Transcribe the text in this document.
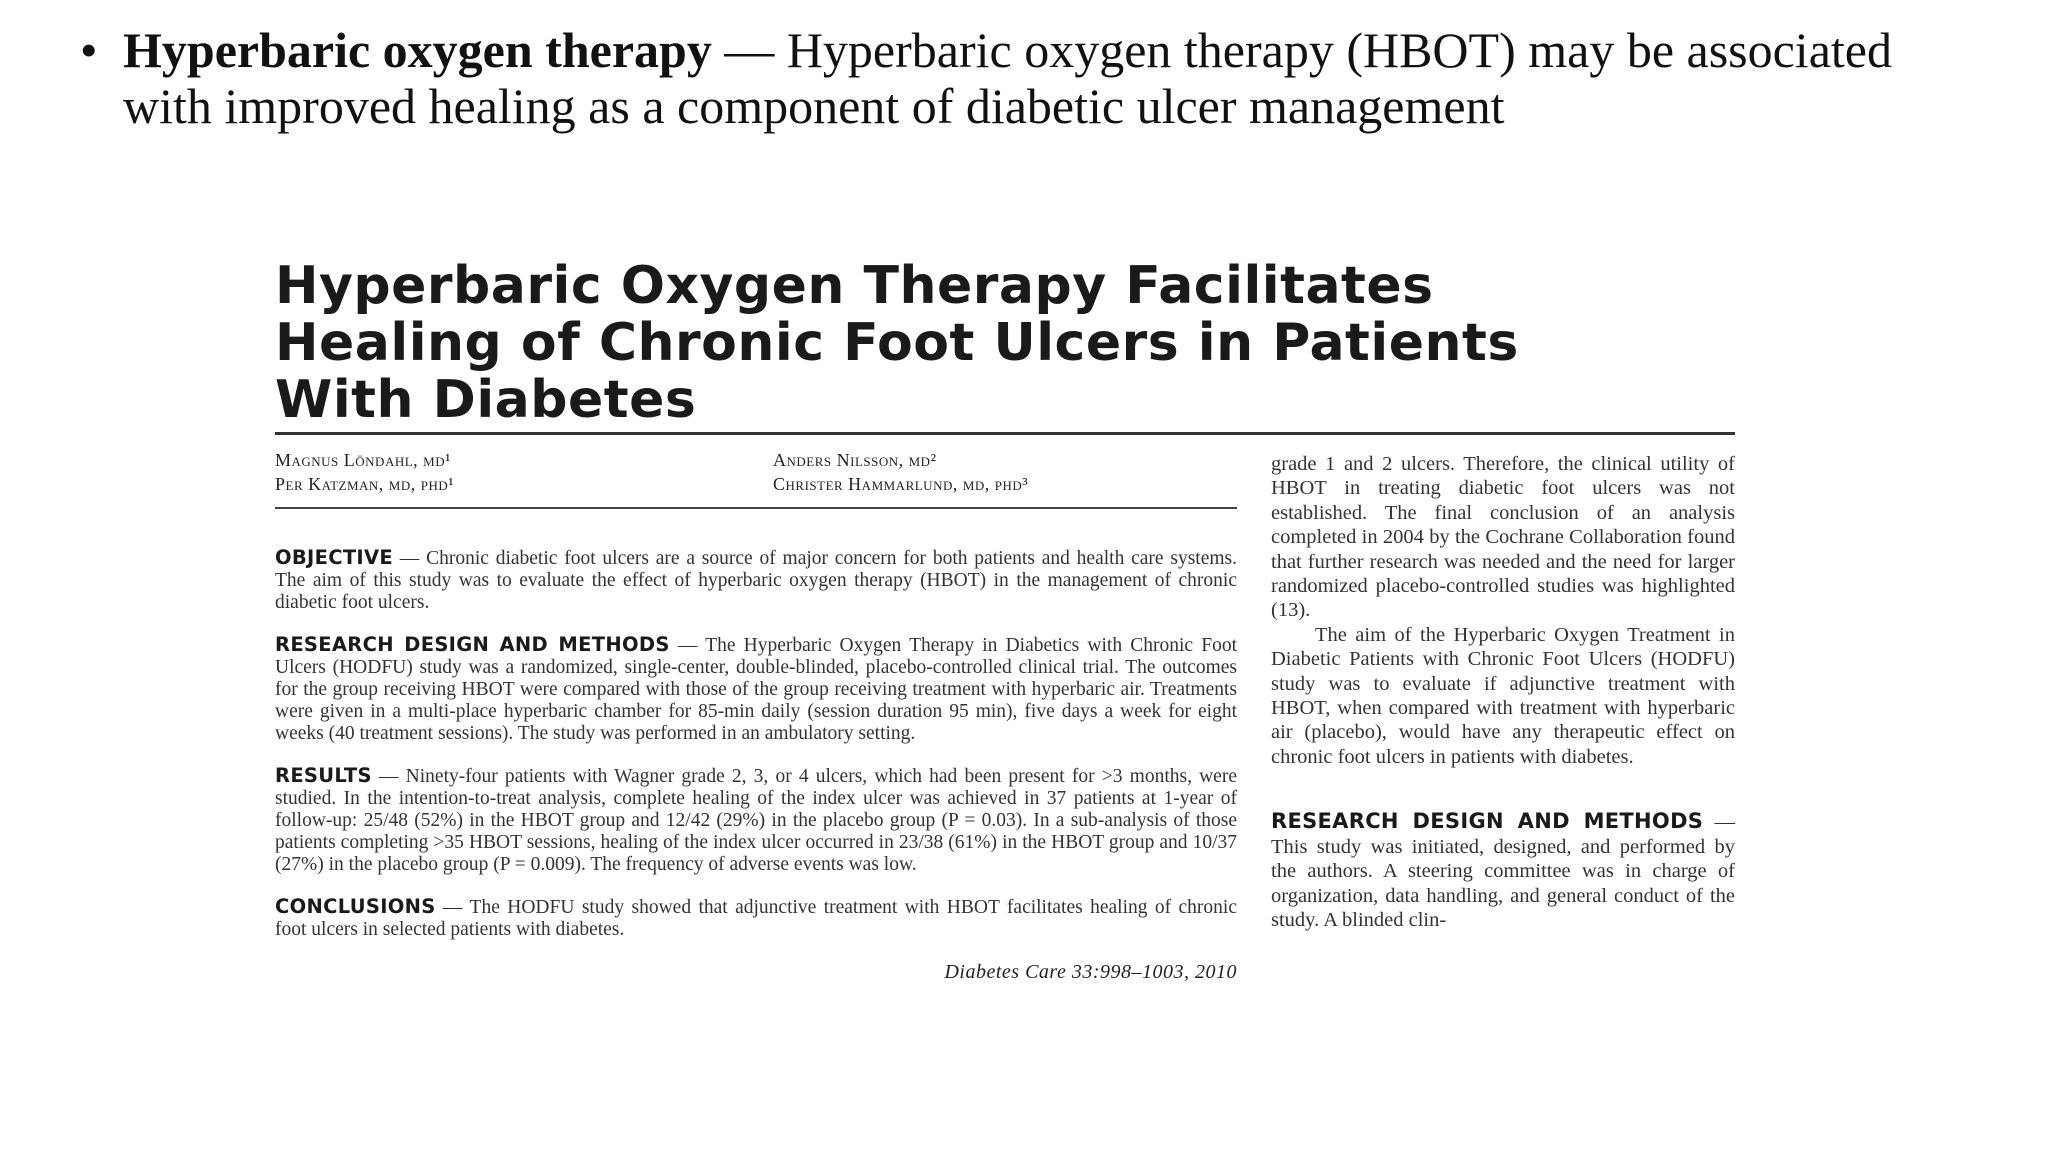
• Hyperbaric oxygen therapy — Hyperbaric oxygen therapy (HBOT) may be associated with improved healing as a component of diabetic ulcer management
Hyperbaric Oxygen Therapy Facilitates
Healing of Chronic Foot Ulcers in Patients
With Diabetes
Magnus Löndahl, md¹
Per Katzman, md, phd¹
Anders Nilsson, md²
Christer Hammarlund, md, phd³
OBJECTIVE — Chronic diabetic foot ulcers are a source of major concern for both patients and health care systems. The aim of this study was to evaluate the effect of hyperbaric oxygen therapy (HBOT) in the management of chronic diabetic foot ulcers.
RESEARCH DESIGN AND METHODS — The Hyperbaric Oxygen Therapy in Diabetics with Chronic Foot Ulcers (HODFU) study was a randomized, single-center, double-blinded, placebo-controlled clinical trial. The outcomes for the group receiving HBOT were compared with those of the group receiving treatment with hyperbaric air. Treatments were given in a multi-place hyperbaric chamber for 85-min daily (session duration 95 min), five days a week for eight weeks (40 treatment sessions). The study was performed in an ambulatory setting.
RESULTS — Ninety-four patients with Wagner grade 2, 3, or 4 ulcers, which had been present for >3 months, were studied. In the intention-to-treat analysis, complete healing of the index ulcer was achieved in 37 patients at 1-year of follow-up: 25/48 (52%) in the HBOT group and 12/42 (29%) in the placebo group (P = 0.03). In a sub-analysis of those patients completing >35 HBOT sessions, healing of the index ulcer occurred in 23/38 (61%) in the HBOT group and 10/37 (27%) in the placebo group (P = 0.009). The frequency of adverse events was low.
CONCLUSIONS — The HODFU study showed that adjunctive treatment with HBOT facilitates healing of chronic foot ulcers in selected patients with diabetes.
Diabetes Care 33:998–1003, 2010

grade 1 and 2 ulcers. Therefore, the clinical utility of HBOT in treating diabetic foot ulcers was not established. The final conclusion of an analysis completed in 2004 by the Cochrane Collaboration found that further research was needed and the need for larger randomized placebo-controlled studies was highlighted (13).

The aim of the Hyperbaric Oxygen Treatment in Diabetic Patients with Chronic Foot Ulcers (HODFU) study was to evaluate if adjunctive treatment with HBOT, when compared with treatment with hyperbaric air (placebo), would have any therapeutic effect on chronic foot ulcers in patients with diabetes.

RESEARCH DESIGN AND METHODS — This study was initiated, designed, and performed by the authors. A steering committee was in charge of organization, data handling, and general conduct of the study. A blinded clin-
